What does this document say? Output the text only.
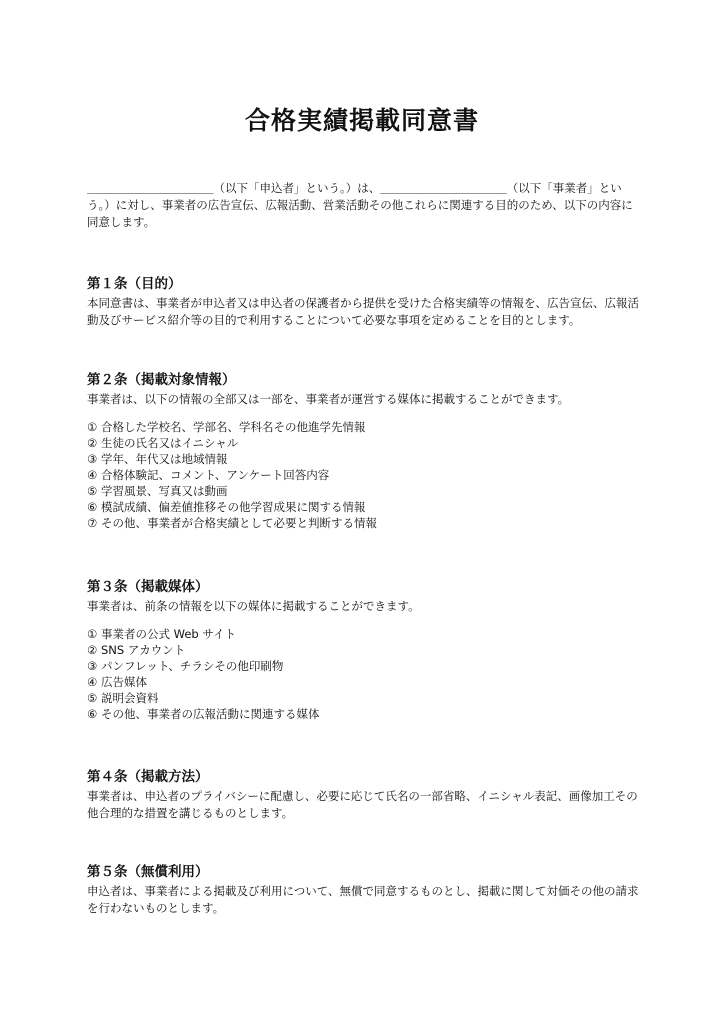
合格実績掲載同意書

＿＿＿＿＿＿＿＿＿＿＿（以下「申込者」という。）は、＿＿＿＿＿＿＿＿＿＿＿（以下「事業者」という。）に対し、事業者の広告宣伝、広報活動、営業活動その他これらに関連する目的のため、以下の内容に同意します。

第１条（目的）

本同意書は、事業者が申込者又は申込者の保護者から提供を受けた合格実績等の情報を、広告宣伝、広報活動及びサービス紹介等の目的で利用することについて必要な事項を定めることを目的とします。

第２条（掲載対象情報）

事業者は、以下の情報の全部又は一部を、事業者が運営する媒体に掲載することができます。

① 合格した学校名、学部名、学科名その他進学先情報
② 生徒の氏名又はイニシャル
③ 学年、年代又は地域情報
④ 合格体験記、コメント、アンケート回答内容
⑤ 学習風景、写真又は動画
⑥ 模試成績、偏差値推移その他学習成果に関する情報
⑦ その他、事業者が合格実績として必要と判断する情報
第３条（掲載媒体）

事業者は、前条の情報を以下の媒体に掲載することができます。

① 事業者の公式 Web サイト
② SNS アカウント
③ パンフレット、チラシその他印刷物
④ 広告媒体
⑤ 説明会資料
⑥ その他、事業者の広報活動に関連する媒体
第４条（掲載方法）

事業者は、申込者のプライバシーに配慮し、必要に応じて氏名の一部省略、イニシャル表記、画像加工その他合理的な措置を講じるものとします。

第５条（無償利用）

申込者は、事業者による掲載及び利用について、無償で同意するものとし、掲載に関して対価その他の請求を行わないものとします。
